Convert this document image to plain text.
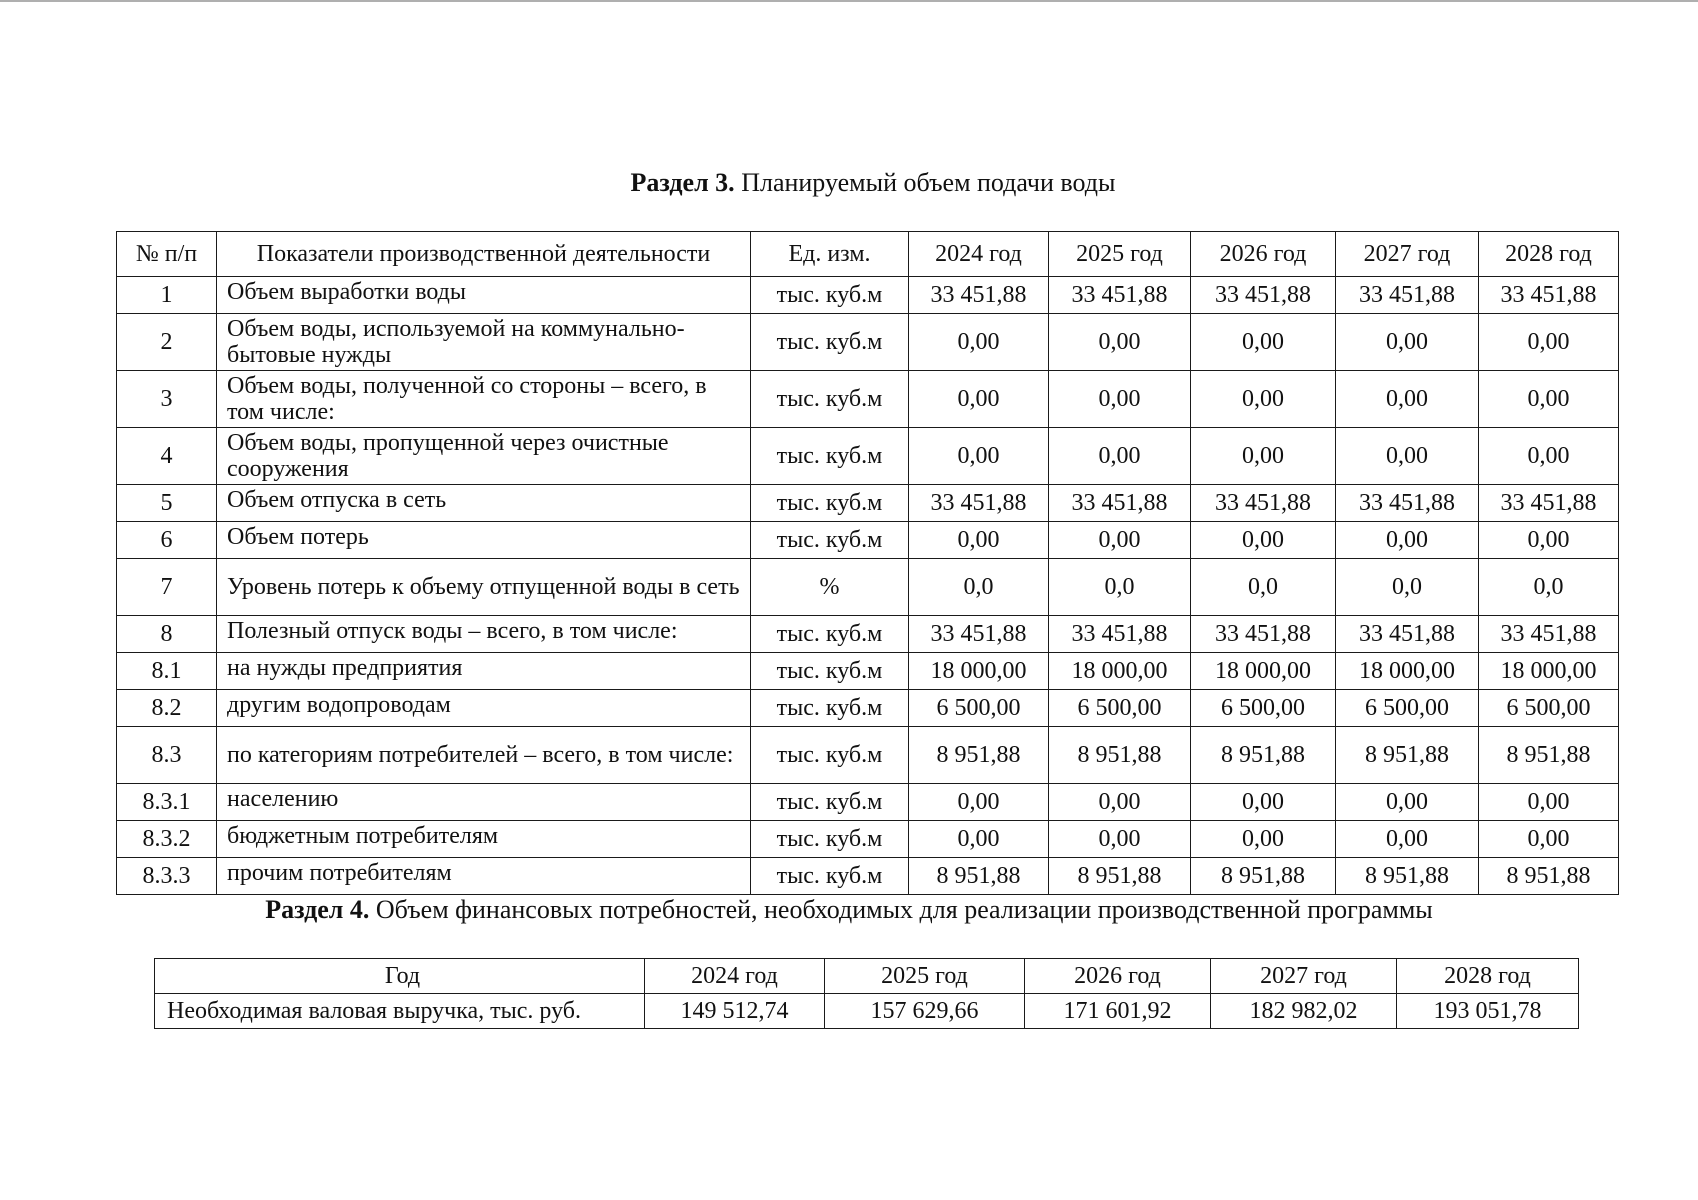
Раздел 3. Планируемый объем подачи воды
№ п/п	Показатели производственной деятельности	Ед. изм.	2024 год	2025 год	2026 год	2027 год	2028 год
1	Объем выработки воды	тыс. куб.м	33 451,88	33 451,88	33 451,88	33 451,88	33 451,88
2	Объем воды, используемой на коммунально-бытовые нужды	тыс. куб.м	0,00	0,00	0,00	0,00	0,00
3	Объем воды, полученной со стороны – всего, в том числе:	тыс. куб.м	0,00	0,00	0,00	0,00	0,00
4	Объем воды, пропущенной через очистные сооружения	тыс. куб.м	0,00	0,00	0,00	0,00	0,00
5	Объем отпуска в сеть	тыс. куб.м	33 451,88	33 451,88	33 451,88	33 451,88	33 451,88
6	Объем потерь	тыс. куб.м	0,00	0,00	0,00	0,00	0,00
7	Уровень потерь к объему отпущенной воды в сеть	%	0,0	0,0	0,0	0,0	0,0
8	Полезный отпуск воды – всего, в том числе:	тыс. куб.м	33 451,88	33 451,88	33 451,88	33 451,88	33 451,88
8.1	на нужды предприятия	тыс. куб.м	18 000,00	18 000,00	18 000,00	18 000,00	18 000,00
8.2	другим водопроводам	тыс. куб.м	6 500,00	6 500,00	6 500,00	6 500,00	6 500,00
8.3	по категориям потребителей – всего, в том числе:	тыс. куб.м	8 951,88	8 951,88	8 951,88	8 951,88	8 951,88
8.3.1	населению	тыс. куб.м	0,00	0,00	0,00	0,00	0,00
8.3.2	бюджетным потребителям	тыс. куб.м	0,00	0,00	0,00	0,00	0,00
8.3.3	прочим потребителям	тыс. куб.м	8 951,88	8 951,88	8 951,88	8 951,88	8 951,88
Раздел 4. Объем финансовых потребностей, необходимых для реализации производственной программы
Год	2024 год	2025 год	2026 год	2027 год	2028 год
Необходимая валовая выручка, тыс. руб.	149 512,74	157 629,66	171 601,92	182 982,02	193 051,78
